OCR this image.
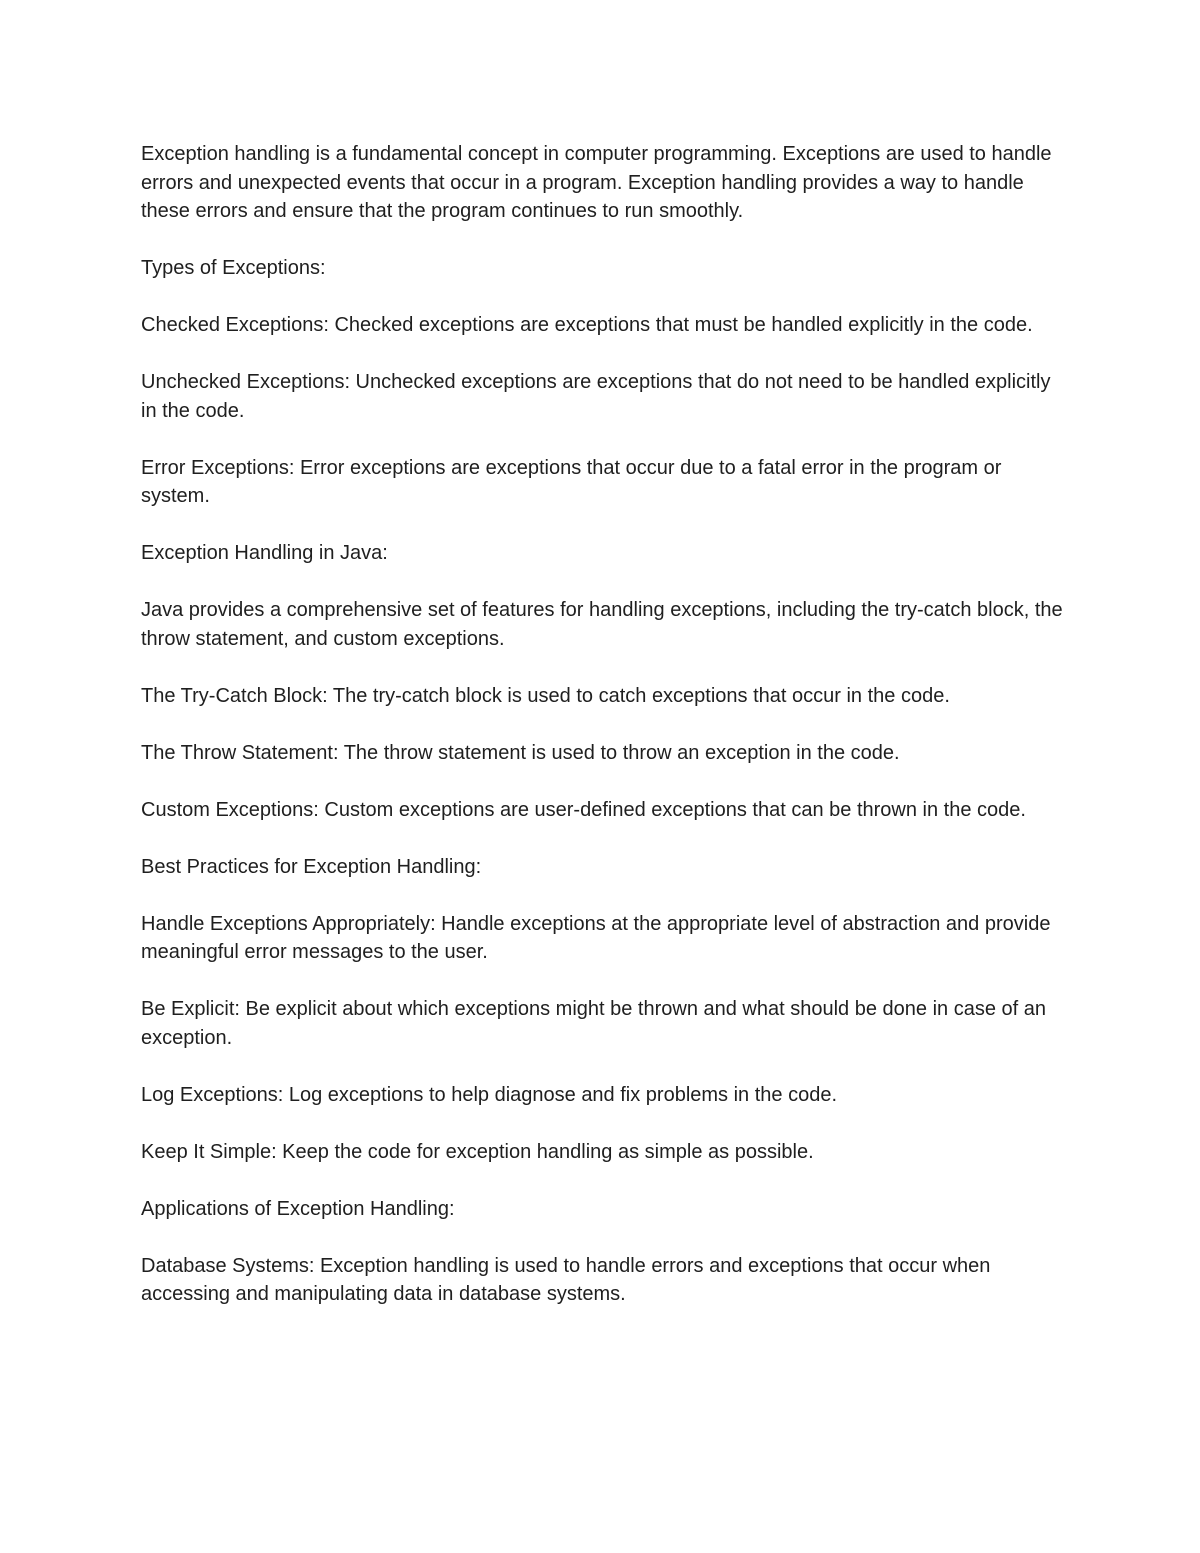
Exception handling is a fundamental concept in computer programming. Exceptions are used to handle errors and unexpected events that occur in a program. Exception handling provides a way to handle these errors and ensure that the program continues to run smoothly.

Types of Exceptions:

Checked Exceptions: Checked exceptions are exceptions that must be handled explicitly in the code.

Unchecked Exceptions: Unchecked exceptions are exceptions that do not need to be handled explicitly in the code.

Error Exceptions: Error exceptions are exceptions that occur due to a fatal error in the program or system.

Exception Handling in Java:

Java provides a comprehensive set of features for handling exceptions, including the try-catch block, the throw statement, and custom exceptions.

The Try-Catch Block: The try-catch block is used to catch exceptions that occur in the code.

The Throw Statement: The throw statement is used to throw an exception in the code.

Custom Exceptions: Custom exceptions are user-defined exceptions that can be thrown in the code.

Best Practices for Exception Handling:

Handle Exceptions Appropriately: Handle exceptions at the appropriate level of abstraction and provide meaningful error messages to the user.

Be Explicit: Be explicit about which exceptions might be thrown and what should be done in case of an exception.

Log Exceptions: Log exceptions to help diagnose and fix problems in the code.

Keep It Simple: Keep the code for exception handling as simple as possible.

Applications of Exception Handling:

Database Systems: Exception handling is used to handle errors and exceptions that occur when accessing and manipulating data in database systems.
